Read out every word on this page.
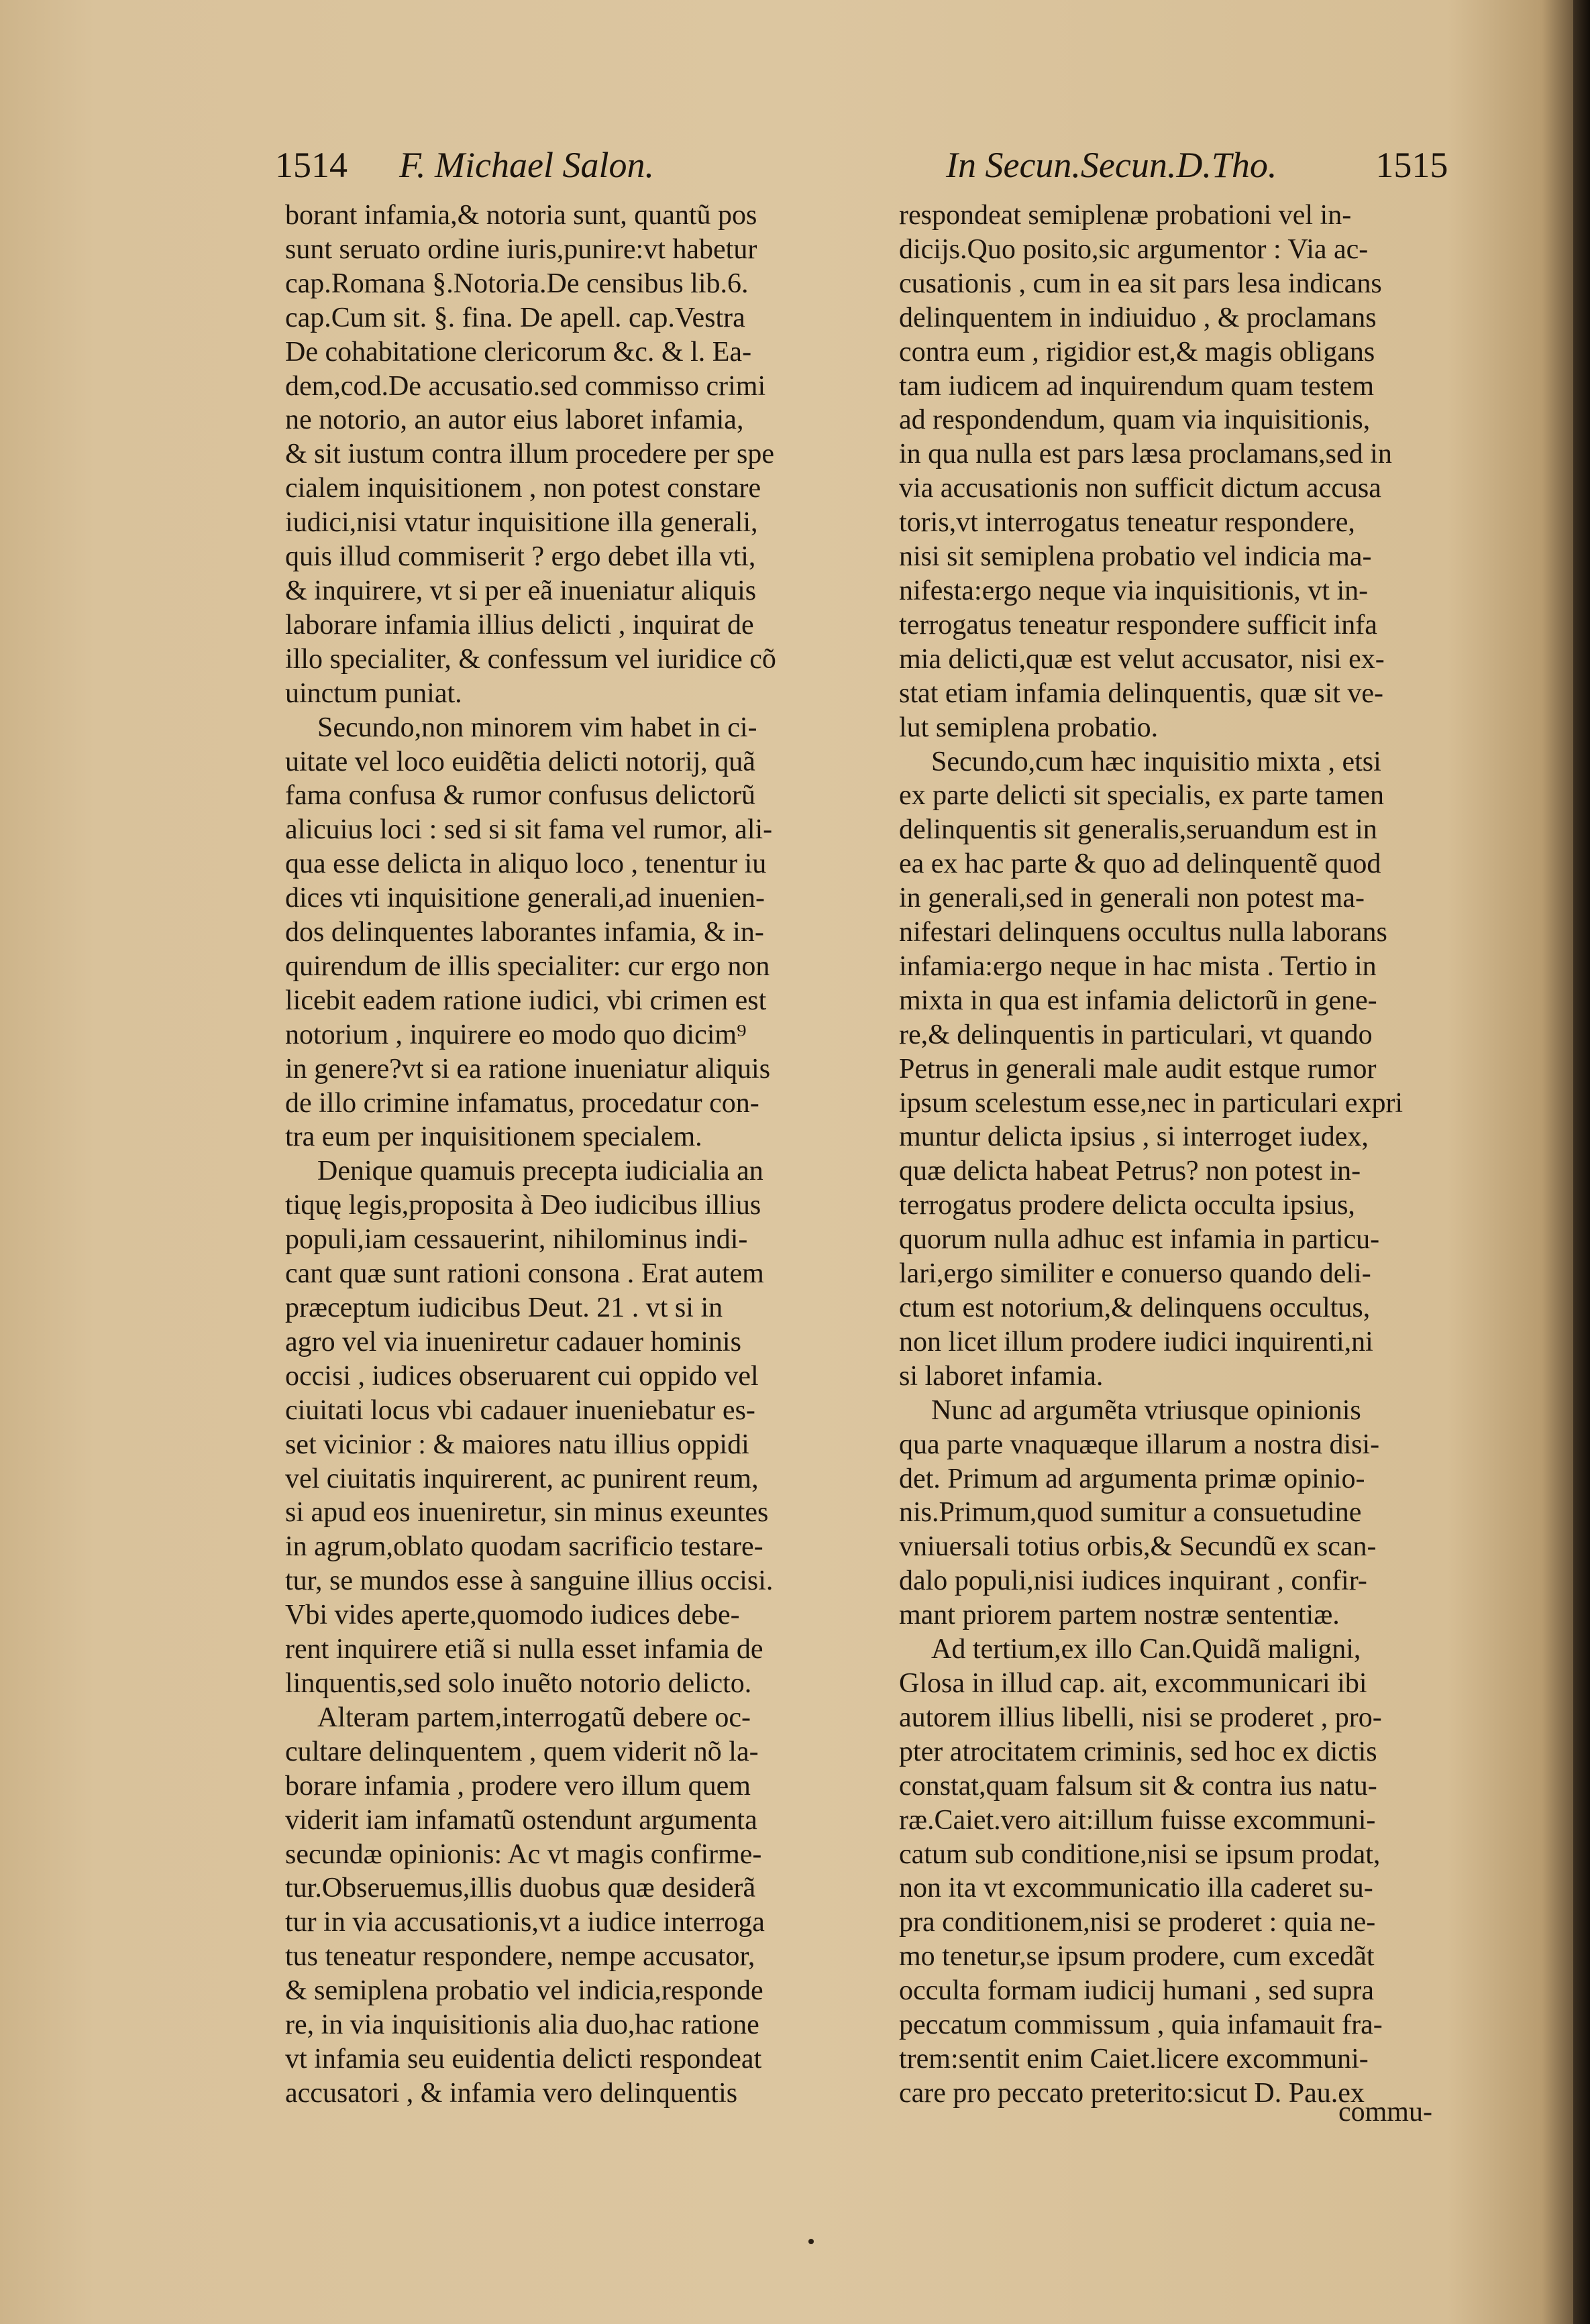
1514 F. Michael Salon.	In Secun.Secun.D.Tho.	1515
borant infamia,& notoria sunt, quantũ pos
sunt seruato ordine iuris,punire:vt habetur
cap.Romana §.Notoria.De censibus lib.6.
cap.Cum sit. §. fina. De apell. cap.Vestra
De cohabitatione clericorum &c. & l. Ea-
dem,cod.De accusatio.sed commisso crimi
ne notorio, an autor eius laboret infamia,
& sit iustum contra illum procedere per spe
cialem inquisitionem , non potest constare
iudici,nisi vtatur inquisitione illa generali,
quis illud commiserit ? ergo debet illa vti,
& inquirere, vt si per eã inueniatur aliquis
laborare infamia illius delicti , inquirat de
illo specialiter, & confessum vel iuridice cõ
uinctum puniat.
Secundo,non minorem vim habet in ci-
uitate vel loco euidẽtia delicti notorij, quã
fama confusa & rumor confusus delictorũ
alicuius loci : sed si sit fama vel rumor, ali-
qua esse delicta in aliquo loco , tenentur iu
dices vti inquisitione generali,ad inuenien-
dos delinquentes laborantes infamia, & in-
quirendum de illis specialiter: cur ergo non
licebit eadem ratione iudici, vbi crimen est
notorium , inquirere eo modo quo dicim⁹
in genere?vt si ea ratione inueniatur aliquis
de illo crimine infamatus, procedatur con-
tra eum per inquisitionem specialem.
Denique quamuis precepta iudicialia an
tiquę legis,proposita à Deo iudicibus illius
populi,iam cessauerint, nihilominus indi-
cant quæ sunt rationi consona . Erat autem
præceptum iudicibus Deut. 21 . vt si in
agro vel via inueniretur cadauer hominis
occisi , iudices obseruarent cui oppido vel
ciuitati locus vbi cadauer inueniebatur es-
set vicinior : & maiores natu illius oppidi
vel ciuitatis inquirerent, ac punirent reum,
si apud eos inueniretur, sin minus exeuntes
in agrum,oblato quodam sacrificio testare-
tur, se mundos esse à sanguine illius occisi.
Vbi vides aperte,quomodo iudices debe-
rent inquirere etiã si nulla esset infamia de
linquentis,sed solo inuẽto notorio delicto.
Alteram partem,interrogatũ debere oc-
cultare delinquentem , quem viderit nõ la-
borare infamia , prodere vero illum quem
viderit iam infamatũ ostendunt argumenta
secundæ opinionis: Ac vt magis confirme-
tur.Obseruemus,illis duobus quæ desiderã
tur in via accusationis,vt a iudice interroga
tus teneatur respondere, nempe accusator,
& semiplena probatio vel indicia,responde
re, in via inquisitionis alia duo,hac ratione
vt infamia seu euidentia delicti respondeat
accusatori , & infamia vero delinquentis
respondeat semiplenæ probationi vel in-
dicijs.Quo posito,sic argumentor : Via ac-
cusationis , cum in ea sit pars lesa indicans
delinquentem in indiuiduo , & proclamans
contra eum , rigidior est,& magis obligans
tam iudicem ad inquirendum quam testem
ad respondendum, quam via inquisitionis,
in qua nulla est pars læsa proclamans,sed in
via accusationis non sufficit dictum accusa
toris,vt interrogatus teneatur respondere,
nisi sit semiplena probatio vel indicia ma-
nifesta:ergo neque via inquisitionis, vt in-
terrogatus teneatur respondere sufficit infa
mia delicti,quæ est velut accusator, nisi ex-
stat etiam infamia delinquentis, quæ sit ve-
lut semiplena probatio.
Secundo,cum hæc inquisitio mixta , etsi
ex parte delicti sit specialis, ex parte tamen
delinquentis sit generalis,seruandum est in
ea ex hac parte & quo ad delinquentẽ quod
in generali,sed in generali non potest ma-
nifestari delinquens occultus nulla laborans
infamia:ergo neque in hac mista . Tertio in
mixta in qua est infamia delictorũ in gene-
re,& delinquentis in particulari, vt quando
Petrus in generali male audit estque rumor
ipsum scelestum esse,nec in particulari expri
muntur delicta ipsius , si interroget iudex,
quæ delicta habeat Petrus? non potest in-
terrogatus prodere delicta occulta ipsius,
quorum nulla adhuc est infamia in particu-
lari,ergo similiter e conuerso quando deli-
ctum est notorium,& delinquens occultus,
non licet illum prodere iudici inquirenti,ni
si laboret infamia.
Nunc ad argumẽta vtriusque opinionis
qua parte vnaquæque illarum a nostra disi-
det. Primum ad argumenta primæ opinio-
nis.Primum,quod sumitur a consuetudine
vniuersali totius orbis,& Secundũ ex scan-
dalo populi,nisi iudices inquirant , confir-
mant priorem partem nostræ sententiæ.
Ad tertium,ex illo Can.Quidã maligni,
Glosa in illud cap. ait, excommunicari ibi
autorem illius libelli, nisi se proderet , pro-
pter atrocitatem criminis, sed hoc ex dictis
constat,quam falsum sit & contra ius natu-
ræ.Caiet.vero ait:illum fuisse excommuni-
catum sub conditione,nisi se ipsum prodat,
non ita vt excommunicatio illa caderet su-
pra conditionem,nisi se proderet : quia ne-
mo tenetur,se ipsum prodere, cum excedãt
occulta formam iudicij humani , sed supra
peccatum commissum , quia infamauit fra-
trem:sentit enim Caiet.licere excommuni-
care pro peccato preterito:sicut D. Pau.ex
commu-
